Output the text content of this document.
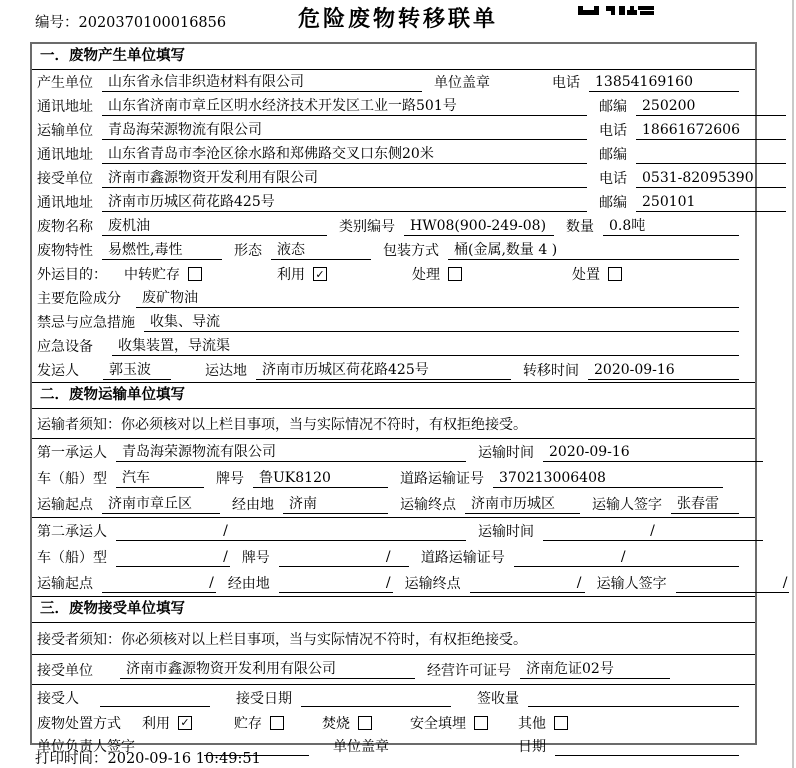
编号：2020370100016856	危险废物转移联单
一．废物产生单位填写
产生单位	山东省永信非织造材料有限公司	单位盖章	电话	13854169160
通讯地址	山东省济南市章丘区明水经济技术开发区工业一路501号	邮编	250200
运输单位	青岛海荣源物流有限公司	电话	18661672606
通讯地址	山东省青岛市李沧区徐水路和郑佛路交叉口东侧20米	邮编
接受单位	济南市鑫源物资开发利用有限公司	电话	0531-82095390
通讯地址	济南市历城区荷花路425号	邮编	250101
废物名称	废机油	类别编号	HW08(900-249-08)	数量	0.8吨
废物特性	易燃性,毒性	形态	液态	包装方式	桶(金属,数量 4 )
外运目的： 中转贮存	利用 ✓	处理	处置
主要危险成分	废矿物油
禁忌与应急措施	收集、导流
应急设备	收集装置，导流渠
发运人	郭玉波	运达地	济南市历城区荷花路425号	转移时间	2020-09-16
二．废物运输单位填写
运输者须知：你必须核对以上栏目事项，当与实际情况不符时，有权拒绝接受。
第一承运人	青岛海荣源物流有限公司	运输时间	2020-09-16
车（船）型	汽车	牌号	鲁UK8120	道路运输证号	370213006408
运输起点	济南市章丘区	经由地	济南	运输终点	济南市历城区	运输人签字	张春雷
第二承运人	/	运输时间	/
车（船）型	/ 牌号	/	道路运输证号	/
运输起点	/ 经由地	/ 运输终点	/ 运输人签字	/
三．废物接受单位填写
接受者须知：你必须核对以上栏目事项，当与实际情况不符时，有权拒绝接受。
接受单位	济南市鑫源物资开发利用有限公司	经营许可证号	济南危证02号
接受人	接受日期	签收量
废物处置方式 利用 ✓	贮存	焚烧	安全填埋	其他
单位负责人签字	单位盖章	日期
打印时间：2020-09-16 10:49:51
